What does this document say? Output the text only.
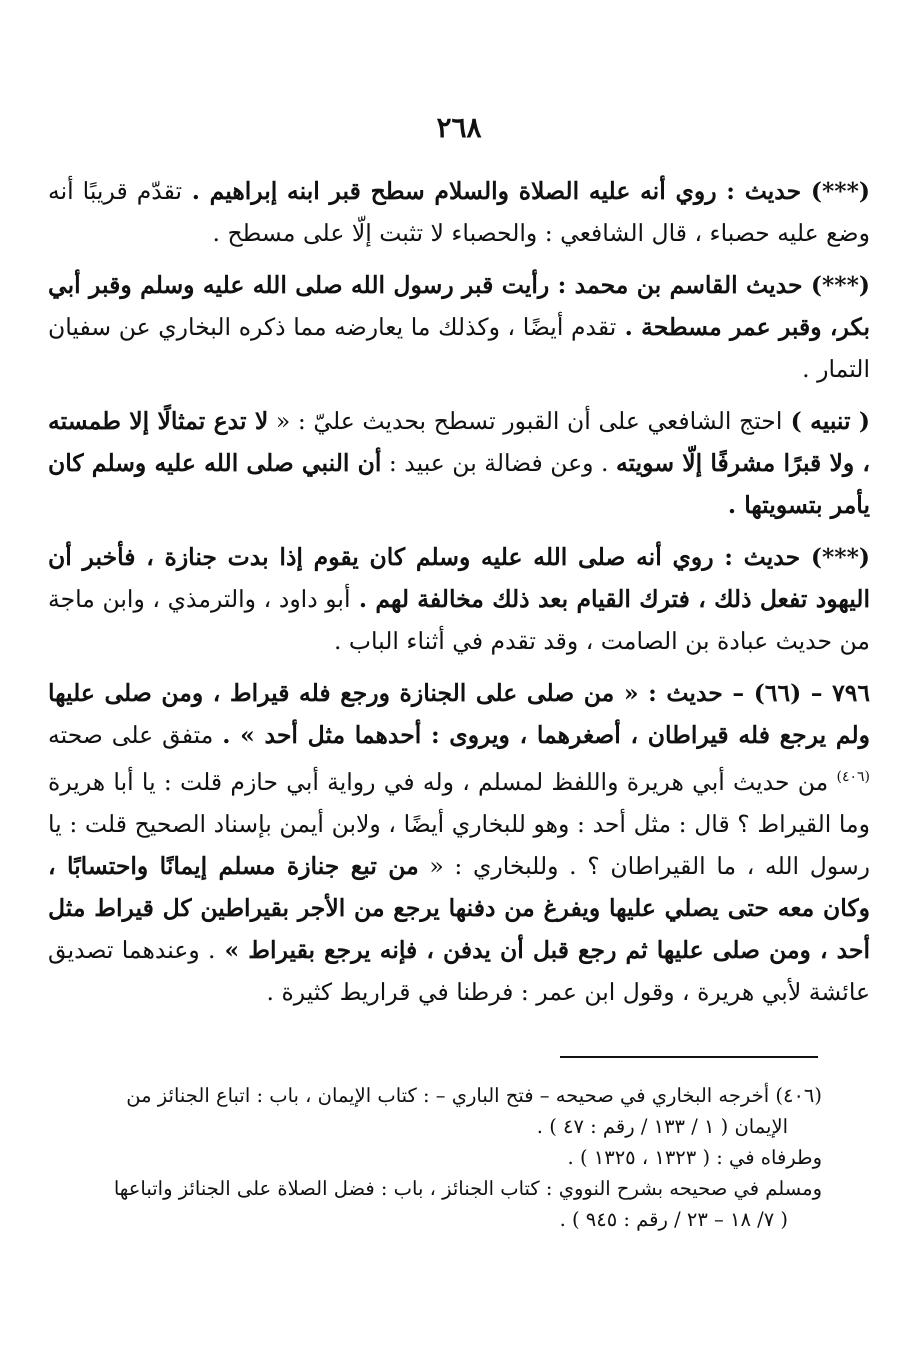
٢٦٨

(***) حديث : روي أنه عليه الصلاة والسلام سطح قبر ابنه إبراهيم . تقدّم قريبًا أنه وضع عليه حصباء ، قال الشافعي : والحصباء لا تثبت إلّا على مسطح .

(***) حديث القاسم بن محمد : رأيت قبر رسول الله صلى الله عليه وسلم وقبر أبي بكر، وقبر عمر مسطحة . تقدم أيضًا ، وكذلك ما يعارضه مما ذكره البخاري عن سفيان التمار .

( تنبيه ) احتج الشافعي على أن القبور تسطح بحديث عليّ : « لا تدع تمثالًا إلا طمسته ، ولا قبرًا مشرفًا إلّا سويته . وعن فضالة بن عبيد : أن النبي صلى الله عليه وسلم كان يأمر بتسويتها .

(***) حديث : روي أنه صلى الله عليه وسلم كان يقوم إذا بدت جنازة ، فأخبر أن اليهود تفعل ذلك ، فترك القيام بعد ذلك مخالفة لهم . أبو داود ، والترمذي ، وابن ماجة من حديث عبادة بن الصامت ، وقد تقدم في أثناء الباب .

٧٩٦ – (٦٦) – حديث : « من صلى على الجنازة ورجع فله قيراط ، ومن صلى عليها ولم يرجع فله قيراطان ، أصغرهما ، ويروى : أحدهما مثل أحد » . متفق على صحته $^{(٤٠٦)}$ من حديث أبي هريرة واللفظ لمسلم ، وله في رواية أبي حازم قلت : يا أبا هريرة وما القيراط ؟ قال : مثل أحد : وهو للبخاري أيضًا ، ولابن أيمن بإسناد الصحيح قلت : يا رسول الله ، ما القيراطان ؟ . وللبخاري : « من تبع جنازة مسلم إيمانًا واحتسابًا ، وكان معه حتى يصلي عليها ويفرغ من دفنها يرجع من الأجر بقيراطين كل قيراط مثل أحد ، ومن صلى عليها ثم رجع قبل أن يدفن ، فإنه يرجع بقيراط » . وعندهما تصديق عائشة لأبي هريرة ، وقول ابن عمر : فرطنا في قراريط كثيرة .

(٤٠٦) أخرجه البخاري في صحيحه – فتح الباري – : كتاب الإيمان ، باب : اتباع الجنائز من

الإيمان ( ١ / ١٣٣ / رقم : ٤٧ ) .

وطرفاه في : ( ١٣٢٣ ، ١٣٢٥ ) .

ومسلم في صحيحه بشرح النووي : كتاب الجنائز ، باب : فضل الصلاة على الجنائز واتباعها

( ٧/ ١٨ – ٢٣ / رقم : ٩٤٥ ) .
